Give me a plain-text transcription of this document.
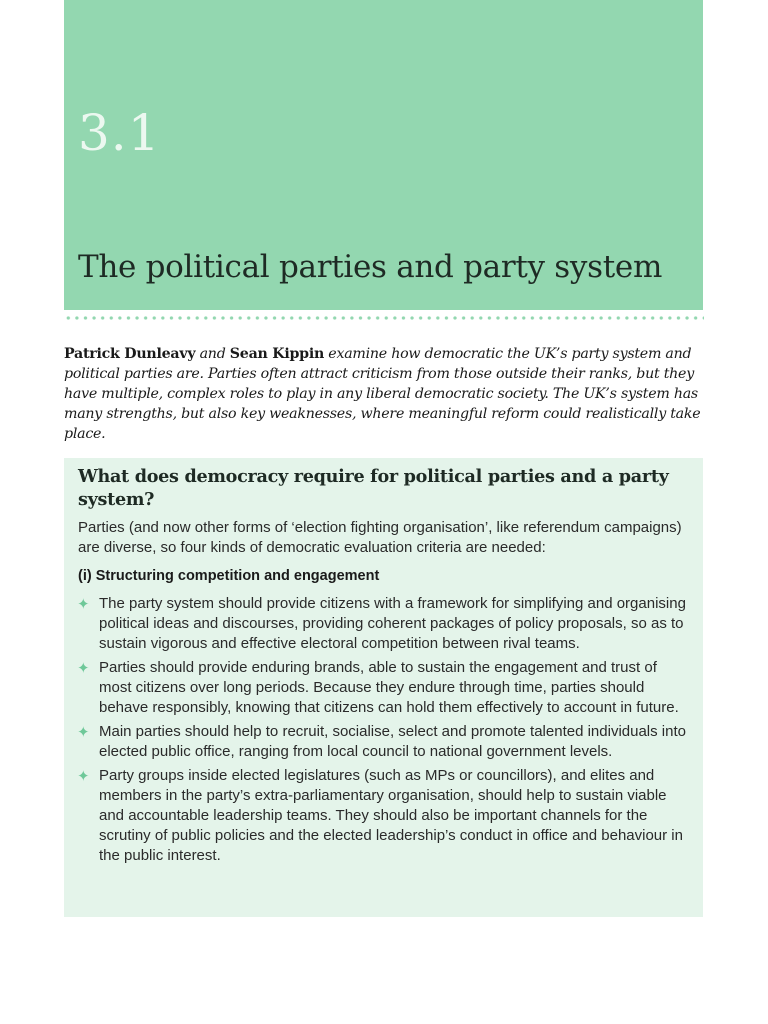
3.1
The political parties and party system
Patrick Dunleavy and Sean Kippin examine how democratic the UK’s party system and political parties are. Parties often attract criticism from those outside their ranks, but they have multiple, complex roles to play in any liberal democratic society. The UK’s system has many strengths, but also key weaknesses, where meaningful reform could realistically take place.
What does democracy require for political parties and a party system?
Parties (and now other forms of ‘election fighting organisation’, like referendum campaigns) are diverse, so four kinds of democratic evaluation criteria are needed:
(i) Structuring competition and engagement
✦ The party system should provide citizens with a framework for simplifying and organising political ideas and discourses, providing coherent packages of policy proposals, so as to sustain vigorous and effective electoral competition between rival teams.
✦ Parties should provide enduring brands, able to sustain the engagement and trust of most citizens over long periods. Because they endure through time, parties should behave responsibly, knowing that citizens can hold them effectively to account in future.
✦ Main parties should help to recruit, socialise, select and promote talented individuals into elected public office, ranging from local council to national government levels.
✦ Party groups inside elected legislatures (such as MPs or councillors), and elites and members in the party’s extra-parliamentary organisation, should help to sustain viable and accountable leadership teams. They should also be important channels for the scrutiny of public policies and the elected leadership’s conduct in office and behaviour in the public interest.
